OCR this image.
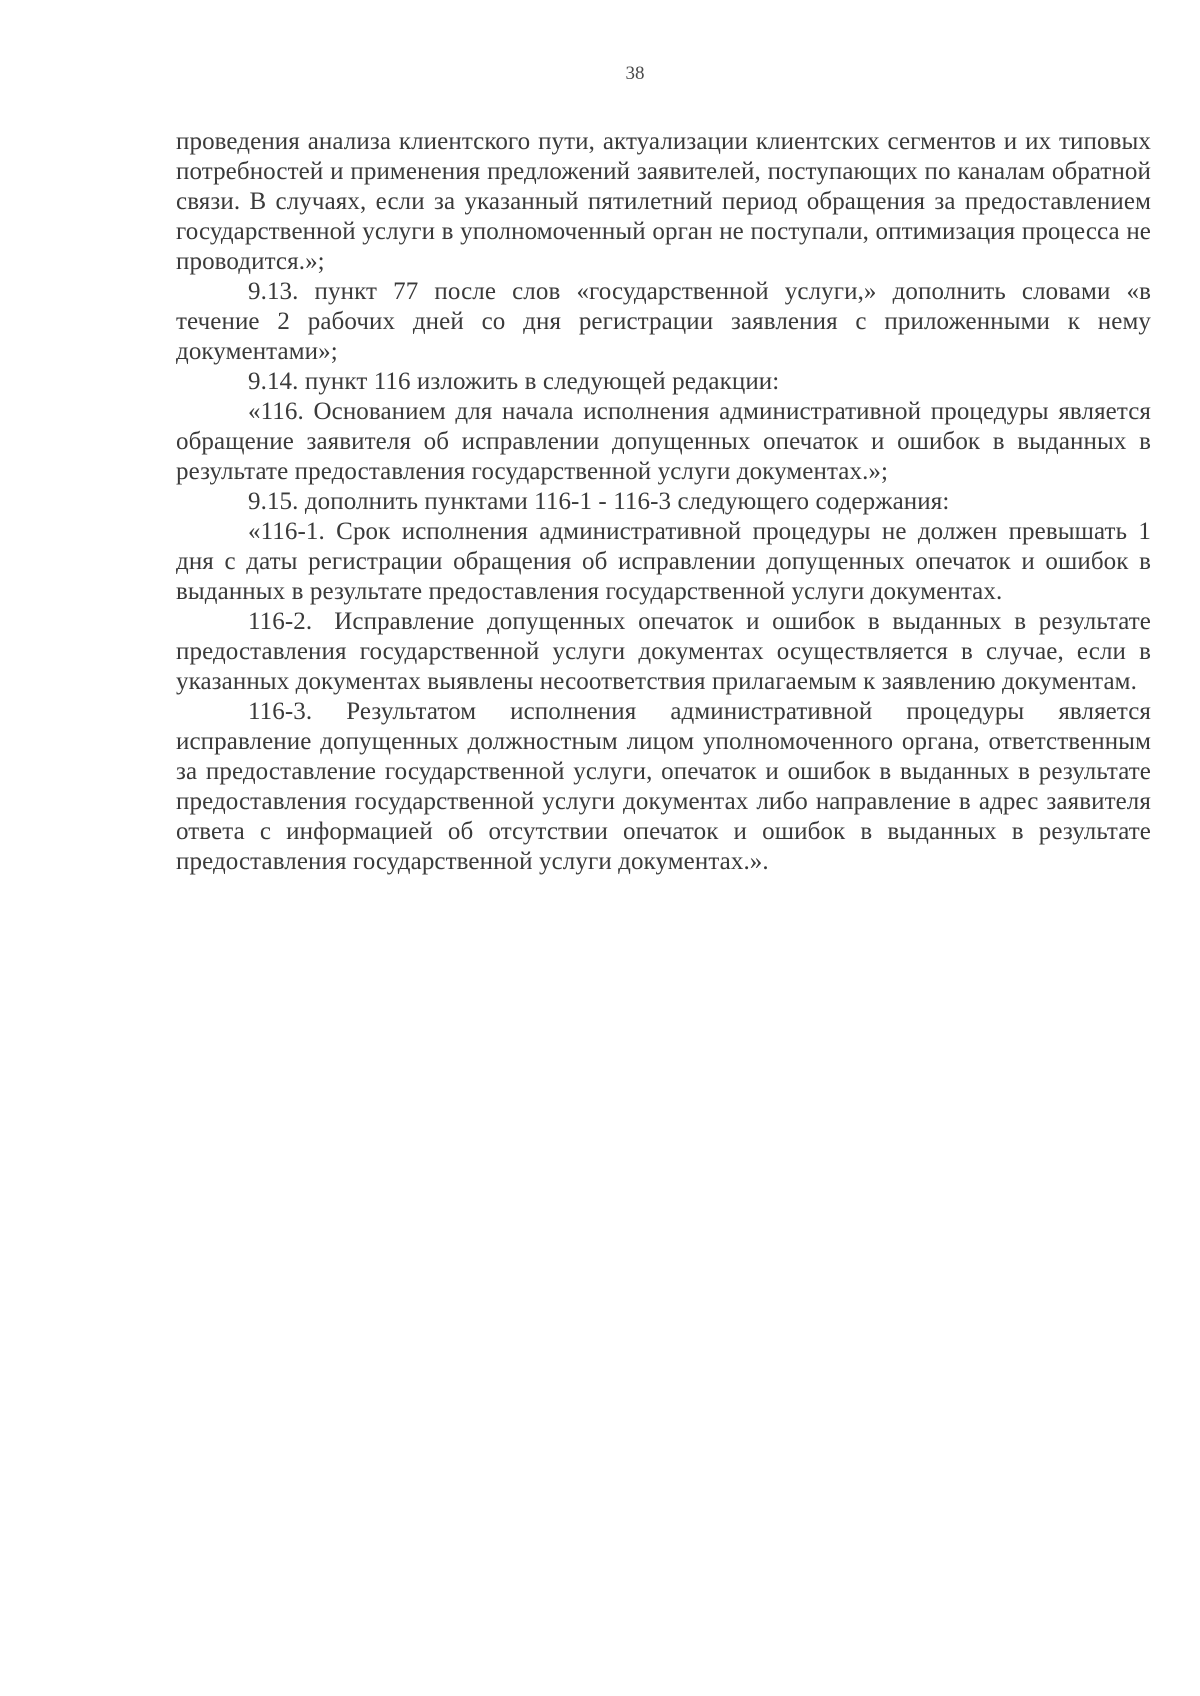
38

проведения анализа клиентского пути, актуализации клиентских сегментов и их типовых потребностей и применения предложений заявителей, поступающих по каналам обратной связи. В случаях, если за указанный пятилетний период обращения за предоставлением государственной услуги в уполномоченный орган не поступали, оптимизация процесса не проводится.»;

9.13. пункт 77 после слов «государственной услуги,» дополнить словами «в течение 2 рабочих дней со дня регистрации заявления с приложенными к нему документами»;

9.14. пункт 116 изложить в следующей редакции:

«116. Основанием для начала исполнения административной процедуры является обращение заявителя об исправлении допущенных опечаток и ошибок в выданных в результате предоставления государственной услуги документах.»;

9.15. дополнить пунктами 116-1 - 116-3 следующего содержания:

«116-1. Срок исполнения административной процедуры не должен превышать 1 дня с даты регистрации обращения об исправлении допущенных опечаток и ошибок в выданных в результате предоставления государственной услуги документах.

116-2. Исправление допущенных опечаток и ошибок в выданных в результате предоставления государственной услуги документах осуществляется в случае, если в указанных документах выявлены несоответствия прилагаемым к заявлению документам.

116-3. Результатом исполнения административной процедуры является исправление допущенных должностным лицом уполномоченного органа, ответственным за предоставление государственной услуги, опечаток и ошибок в выданных в результате предоставления государственной услуги документах либо направление в адрес заявителя ответа с информацией об отсутствии опечаток и ошибок в выданных в результате предоставления государственной услуги документах.».
